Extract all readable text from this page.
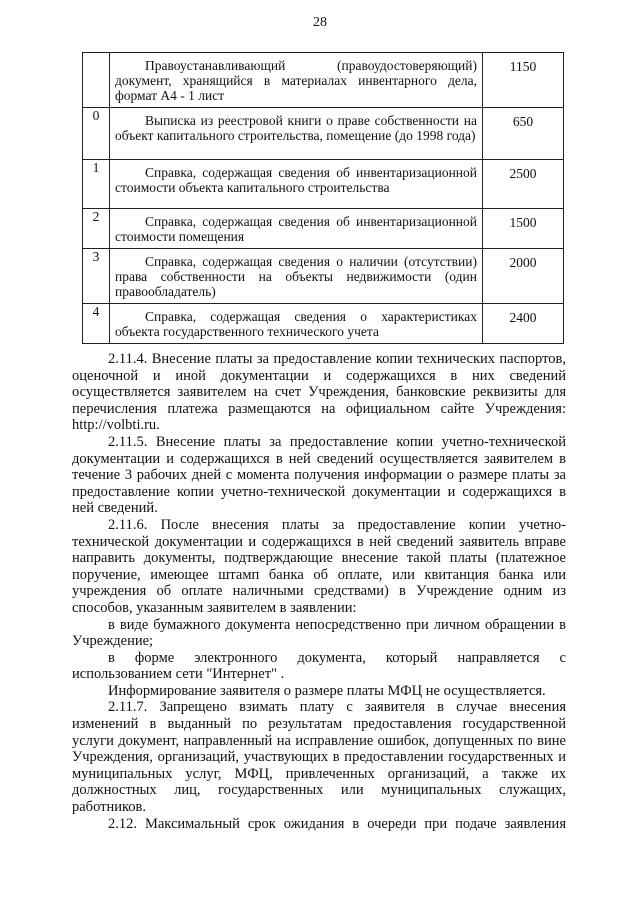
28

	Правоустанавливающий (правоудостоверяющий) документ, хранящийся в материалах инвентарного дела, формат А4 - 1 лист	1150
0	Выписка из реестровой книги о праве собственности на объект капитального строительства, помещение (до 1998 года)	650
1	Справка, содержащая сведения об инвентаризационной стоимости объекта капитального строительства	2500
2	Справка, содержащая сведения об инвентаризационной стоимости помещения	1500
3	Справка, содержащая сведения о наличии (отсутствии) права собственности на объекты недвижимости (один правообладатель)	2000
4	Справка, содержащая сведения о характеристиках объекта государственного технического учета	2400

2.11.4. Внесение платы за предоставление копии технических паспортов, оценочной и иной документации и содержащихся в них сведений осуществляется заявителем на счет Учреждения, банковские реквизиты для перечисления платежа размещаются на официальном сайте Учреждения: http://volbti.ru.

2.11.5. Внесение платы за предоставление копии учетно-технической документации и содержащихся в ней сведений осуществляется заявителем в течение 3 рабочих дней с момента получения информации о размере платы за предоставление копии учетно-технической документации и содержащихся в ней сведений.

2.11.6. После внесения платы за предоставление копии учетно-технической документации и содержащихся в ней сведений заявитель вправе направить документы, подтверждающие внесение такой платы (платежное поручение, имеющее штамп банка об оплате, или квитанция банка или учреждения об оплате наличными средствами) в Учреждение одним из способов, указанным заявителем в заявлении:

в виде бумажного документа непосредственно при личном обращении в Учреждение;

в форме электронного документа, который направляется с использованием сети "Интернет" .

Информирование заявителя о размере платы МФЦ не осуществляется.

2.11.7. Запрещено взимать плату с заявителя в случае внесения изменений в выданный по результатам предоставления государственной услуги документ, направленный на исправление ошибок, допущенных по вине Учреждения, организаций, участвующих в предоставлении государственных и муниципальных услуг, МФЦ, привлеченных организаций, а также их должностных лиц, государственных или муниципальных служащих, работников.

2.12. Максимальный срок ожидания в очереди при подаче заявления
